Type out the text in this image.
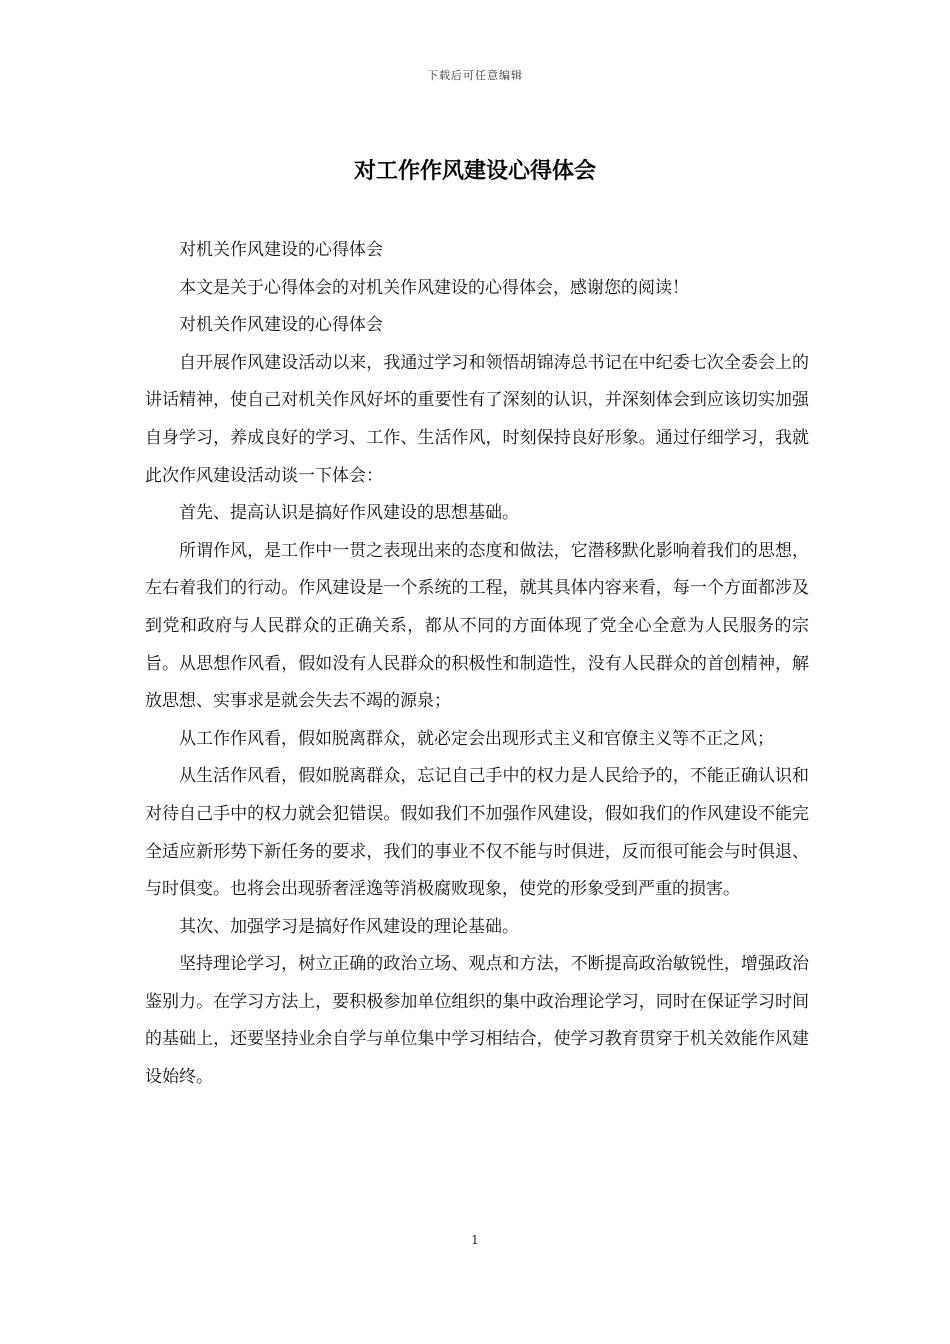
下载后可任意编辑
对工作作风建设心得体会

对机关作风建设的心得体会

本文是关于心得体会的对机关作风建设的心得体会，感谢您的阅读！

对机关作风建设的心得体会

自开展作风建设活动以来，我通过学习和领悟胡锦涛总书记在中纪委七次全委会上的讲话精神，使自己对机关作风好坏的重要性有了深刻的认识，并深刻体会到应该切实加强自身学习，养成良好的学习、工作、生活作风，时刻保持良好形象。通过仔细学习，我就此次作风建设活动谈一下体会：

首先、提高认识是搞好作风建设的思想基础。

所谓作风，是工作中一贯之表现出来的态度和做法，它潜移默化影响着我们的思想，左右着我们的行动。作风建设是一个系统的工程，就其具体内容来看，每一个方面都涉及到党和政府与人民群众的正确关系，都从不同的方面体现了党全心全意为人民服务的宗旨。从思想作风看，假如没有人民群众的积极性和制造性，没有人民群众的首创精神，解放思想、实事求是就会失去不竭的源泉；

从工作作风看，假如脱离群众，就必定会出现形式主义和官僚主义等不正之风；

从生活作风看，假如脱离群众，忘记自己手中的权力是人民给予的，不能正确认识和对待自己手中的权力就会犯错误。假如我们不加强作风建设，假如我们的作风建设不能完全适应新形势下新任务的要求，我们的事业不仅不能与时俱进，反而很可能会与时俱退、与时俱变。也将会出现骄奢淫逸等消极腐败现象，使党的形象受到严重的损害。

其次、加强学习是搞好作风建设的理论基础。

坚持理论学习，树立正确的政治立场、观点和方法，不断提高政治敏锐性，增强政治鉴别力。在学习方法上，要积极参加单位组织的集中政治理论学习，同时在保证学习时间的基础上，还要坚持业余自学与单位集中学习相结合，使学习教育贯穿于机关效能作风建设始终。

1
